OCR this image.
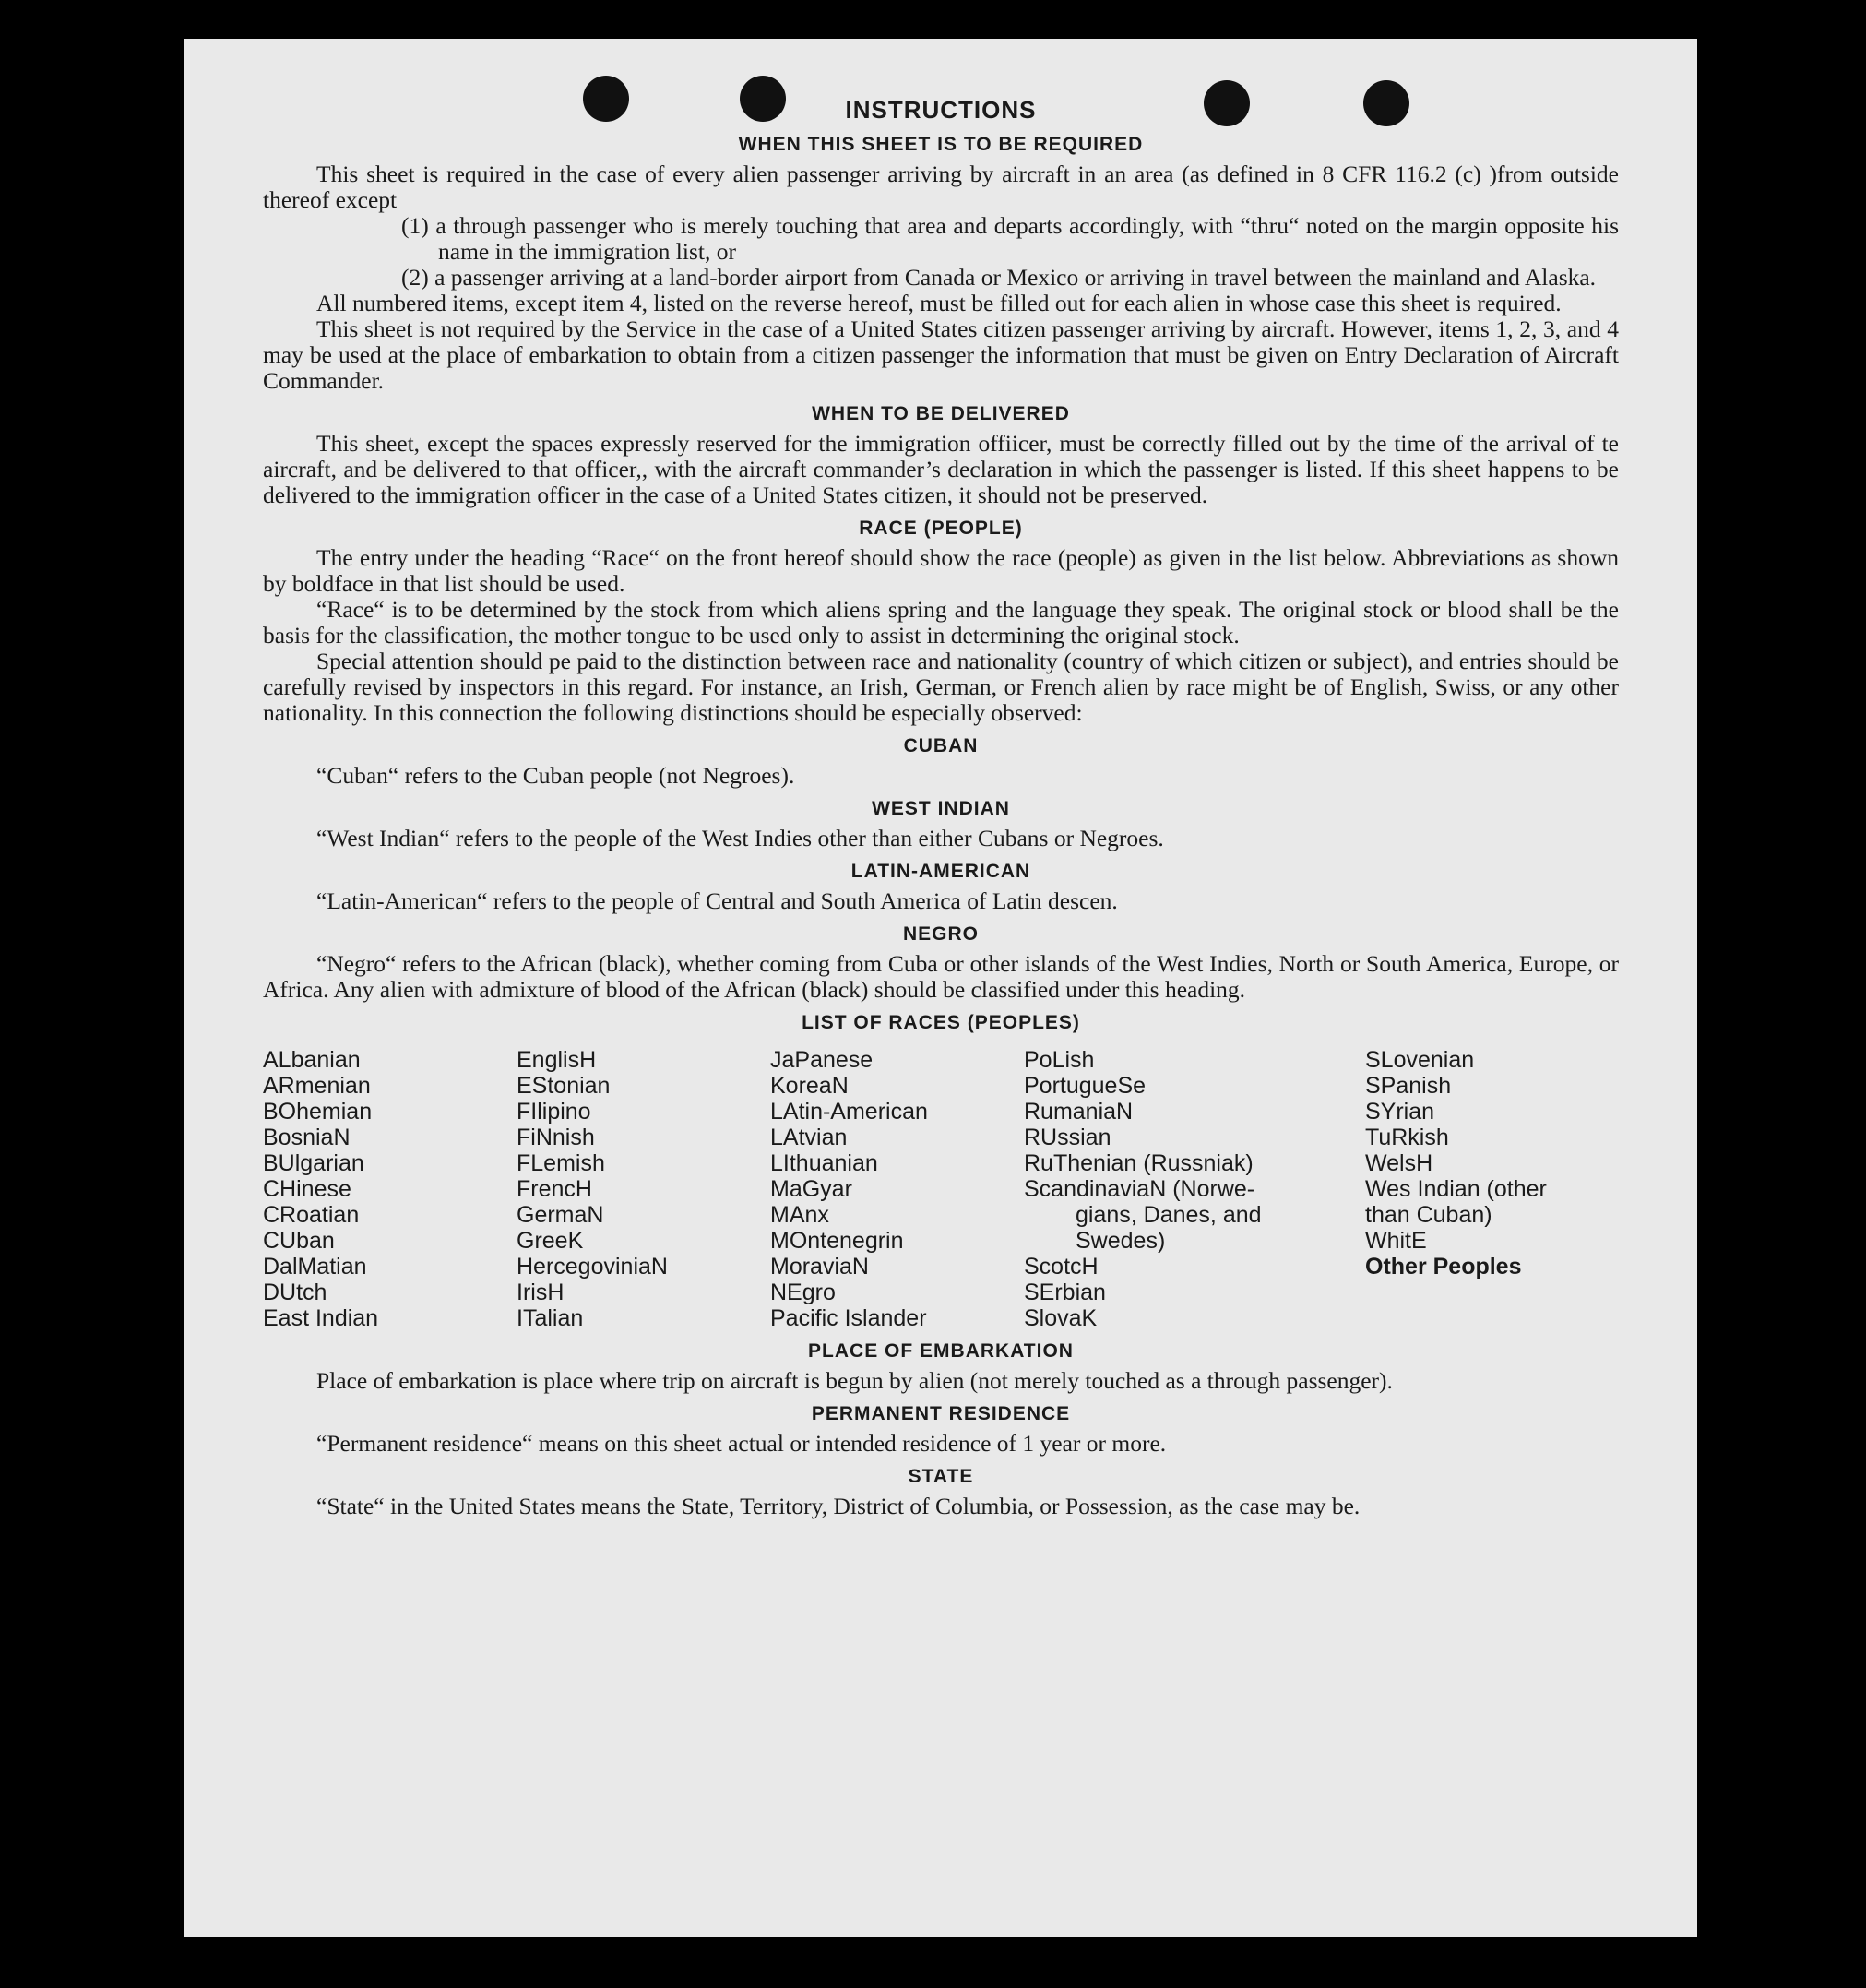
INSTRUCTIONS
WHEN THIS SHEET IS TO BE REQUIRED

This sheet is required in the case of every alien passenger arriving by aircraft in an area (as defined in 8 CFR 116.2 (c) )from outside thereof except

(1) a through passenger who is merely touching that area and departs accordingly, with “thru“ noted on the margin opposite his name in the immigration list, or

(2) a passenger arriving at a land-border airport from Canada or Mexico or arriving in travel between the mainland and Alaska.

All numbered items, except item 4, listed on the reverse hereof, must be filled out for each alien in whose case this sheet is required.

This sheet is not required by the Service in the case of a United States citizen passenger arriving by aircraft. However, items 1, 2, 3, and 4 may be used at the place of embarkation to obtain from a citizen passenger the information that must be given on Entry Declaration of Aircraft Commander.

WHEN TO BE DELIVERED

This sheet, except the spaces expressly reserved for the immigration offiicer, must be correctly filled out by the time of the arrival of te aircraft, and be delivered to that officer,, with the aircraft commander’s declaration in which the passenger is listed. If this sheet happens to be delivered to the immigration officer in the case of a United States citizen, it should not be preserved.

RACE (PEOPLE)

The entry under the heading “Race“ on the front hereof should show the race (people) as given in the list below. Abbreviations as shown by boldface in that list should be used.

“Race“ is to be determined by the stock from which aliens spring and the language they speak. The original stock or blood shall be the basis for the classification, the mother tongue to be used only to assist in determining the original stock.

Special attention should pe paid to the distinction between race and nationality (country of which citizen or subject), and entries should be carefully revised by inspectors in this regard. For instance, an Irish, German, or French alien by race might be of English, Swiss, or any other nationality. In this connection the following distinctions should be especially observed:

CUBAN

“Cuban“ refers to the Cuban people (not Negroes).

WEST INDIAN

“West Indian“ refers to the people of the West Indies other than either Cubans or Negroes.

LATIN-AMERICAN

“Latin-American“ refers to the people of Central and South America of Latin descen.

NEGRO

“Negro“ refers to the African (black), whether coming from Cuba or other islands of the West Indies, North or South America, Europe, or Africa. Any alien with admixture of blood of the African (black) should be classified under this heading.

LIST OF RACES (PEOPLES)
ALbanian
ARmenian
BOhemian
BosniaN
BUlgarian
CHinese
CRoatian
CUban
DalMatian
DUtch
East Indian
EnglisH
EStonian
FIlipino
FiNnish
FLemish
FrencH
GermaN
GreeK
HercegoviniaN
IrisH
ITalian
JaPanese
KoreaN
LAtin-American
LAtvian
LIthuanian
MaGyar
MAnx
MOntenegrin
MoraviaN
NEgro
Pacific Islander
PoLish
PortugueSe
RumaniaN
RUssian
RuThenian (Russniak)
ScandinaviaN (Norwe-
gians, Danes, and
Swedes)
ScotcH
SErbian
SlovaK
SLovenian
SPanish
SYrian
TuRkish
WelsH
Wes Indian (other
than Cuban)
WhitE
Other Peoples
PLACE OF EMBARKATION

Place of embarkation is place where trip on aircraft is begun by alien (not merely touched as a through passenger).

PERMANENT RESIDENCE

“Permanent residence“ means on this sheet actual or intended residence of 1 year or more.

STATE

“State“ in the United States means the State, Territory, District of Columbia, or Possession, as the case may be.
